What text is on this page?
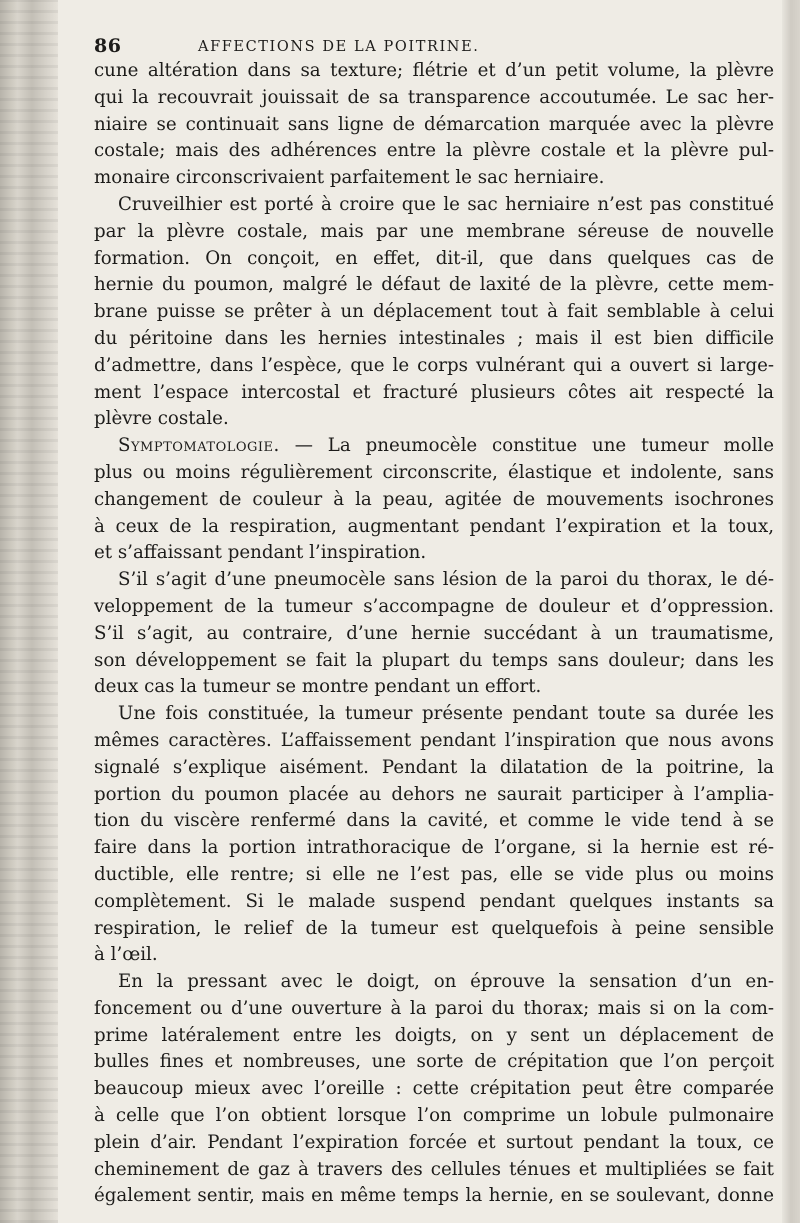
86	AFFECTIONS DE LA POITRINE.
cune altération dans sa texture; flétrie et d’un petit volume, la plèvre
qui la recouvrait jouissait de sa transparence accoutumée. Le sac her-
niaire se continuait sans ligne de démarcation marquée avec la plèvre
costale; mais des adhérences entre la plèvre costale et la plèvre pul-
monaire circonscrivaient parfaitement le sac herniaire.
Cruveilhier est porté à croire que le sac herniaire n’est pas constitué
par la plèvre costale, mais par une membrane séreuse de nouvelle
formation. On conçoit, en effet, dit-il, que dans quelques cas de
hernie du poumon, malgré le défaut de laxité de la plèvre, cette mem-
brane puisse se prêter à un déplacement tout à fait semblable à celui
du péritoine dans les hernies intestinales ; mais il est bien difficile
d’admettre, dans l’espèce, que le corps vulnérant qui a ouvert si large-
ment l’espace intercostal et fracturé plusieurs côtes ait respecté la
plèvre costale.
Symptomatologie. — La pneumocèle constitue une tumeur molle
plus ou moins régulièrement circonscrite, élastique et indolente, sans
changement de couleur à la peau, agitée de mouvements isochrones
à ceux de la respiration, augmentant pendant l’expiration et la toux,
et s’affaissant pendant l’inspiration.
S’il s’agit d’une pneumocèle sans lésion de la paroi du thorax, le dé-
veloppement de la tumeur s’accompagne de douleur et d’oppression.
S’il s’agit, au contraire, d’une hernie succédant à un traumatisme,
son développement se fait la plupart du temps sans douleur; dans les
deux cas la tumeur se montre pendant un effort.
Une fois constituée, la tumeur présente pendant toute sa durée les
mêmes caractères. L’affaissement pendant l’inspiration que nous avons
signalé s’explique aisément. Pendant la dilatation de la poitrine, la
portion du poumon placée au dehors ne saurait participer à l’amplia-
tion du viscère renfermé dans la cavité, et comme le vide tend à se
faire dans la portion intrathoracique de l’organe, si la hernie est ré-
ductible, elle rentre; si elle ne l’est pas, elle se vide plus ou moins
complètement. Si le malade suspend pendant quelques instants sa
respiration, le relief de la tumeur est quelquefois à peine sensible
à l’œil.
En la pressant avec le doigt, on éprouve la sensation d’un en-
foncement ou d’une ouverture à la paroi du thorax; mais si on la com-
prime latéralement entre les doigts, on y sent un déplacement de
bulles fines et nombreuses, une sorte de crépitation que l’on perçoit
beaucoup mieux avec l’oreille : cette crépitation peut être comparée
à celle que l’on obtient lorsque l’on comprime un lobule pulmonaire
plein d’air. Pendant l’expiration forcée et surtout pendant la toux, ce
cheminement de gaz à travers des cellules ténues et multipliées se fait
également sentir, mais en même temps la hernie, en se soulevant, donne
